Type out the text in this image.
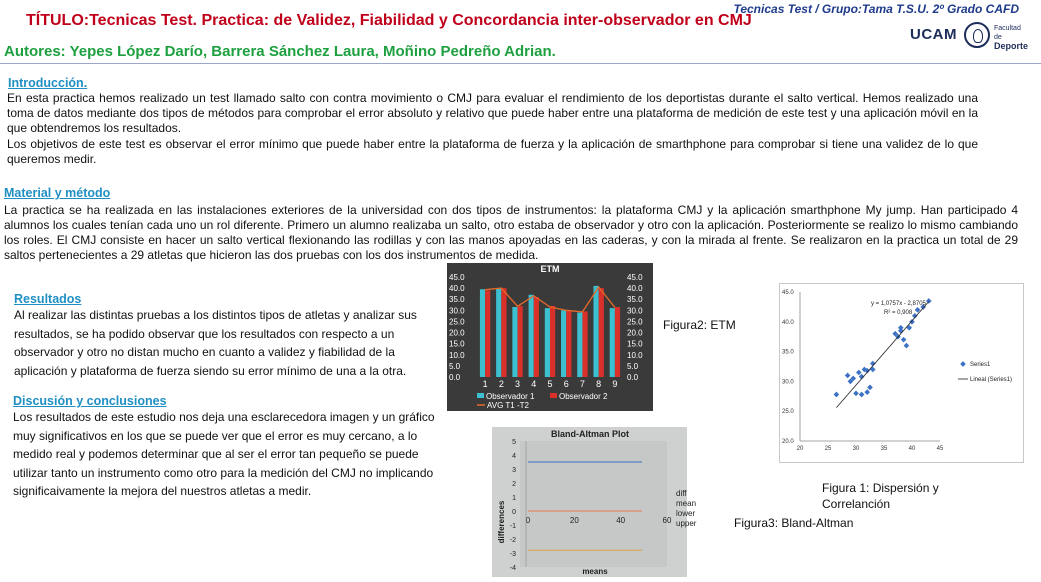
TÍTULO:Tecnicas Test. Practica: de Validez, Fiabilidad y Concordancia inter-observador en CMJ
Tecnicas Test / Grupo:Tama T.S.U. 2º Grado CAFD
UCAM	Facultad de
Deporte
Autores: Yepes López Darío, Barrera Sánchez Laura, Moñino Pedreño Adrian.
Introducción.
En esta practica hemos realizado un test llamado salto con contra movimiento o CMJ para evaluar el rendimiento de los deportistas durante el salto vertical. Hemos realizado una toma de datos mediante dos tipos de métodos para comprobar el error absoluto y relativo que puede haber entre una plataforma de medición de este test y una aplicación móvil en la que obtendremos los resultados.
Los objetivos de este test es observar el error mínimo que puede haber entre la plataforma de fuerza y la aplicación de smarthphone para comprobar si tiene una validez de lo que queremos medir.
Material y método
La practica se ha realizada en las instalaciones exteriores de la universidad con dos tipos de instrumentos: la plataforma CMJ y la aplicación smarthphone My jump. Han participado 4 alumnos los cuales tenían cada uno un rol diferente. Primero un alumno realizaba un salto, otro estaba de observador y otro con la aplicación. Posteriormente se realizo lo mismo cambiando los roles. El CMJ consiste en hacer un salto vertical flexionando las rodillas y con las manos apoyadas en las caderas, y con la mirada al frente. Se realizaron en la practica un total de 29 saltos pertenecientes a 29 atletas que hicieron las dos pruebas con los dos instrumentos de medida.
Resultados
Al realizar las distintas pruebas a los distintos tipos de atletas y analizar sus resultados, se ha podido observar que los resultados con respecto a un observador y otro no distan mucho en cuanto a validez y fiabilidad de la aplicación y plataforma de fuerza siendo su error mínimo de una a la otra.
Discusión y conclusiones
Los resultados de este estudio nos deja una esclarecedora imagen y un gráfico muy significativos en los que se puede ver que el error es muy cercano, a lo medido real y podemos determinar que al ser el error tan pequeño se puede utilizar tanto un instrumento como otro para la medición del CMJ no implicando significaivamente la mejora del nuestros atletas a medir.
ETM
0.0	0.0
5.0	5.0
10.0	10.0
15.0	15.0
20.0	20.0
25.0	25.0
30.0	30.0
35.0	35.0
40.0	40.0
45.0	45.0
1 2 3 4 5 6 7 8 9
Observador 1	Observador 2
AVG T1 -T2
Figura2: ETM
20.0
25.0
30.0
35.0
40.0
45.0
20	25	30	35	40	45
y = 1,0757x - 2,8705
R² = 0,908
Series1
Lineal (Series1)
Figura 1: Dispersión y
Correlanción
Bland-Altman Plot
5
4
3
2
1
0
-1
-2
-3
-4
0	20	40	60
differences
means
diff
mean
lower
upper	Figura3: Bland-Altman
